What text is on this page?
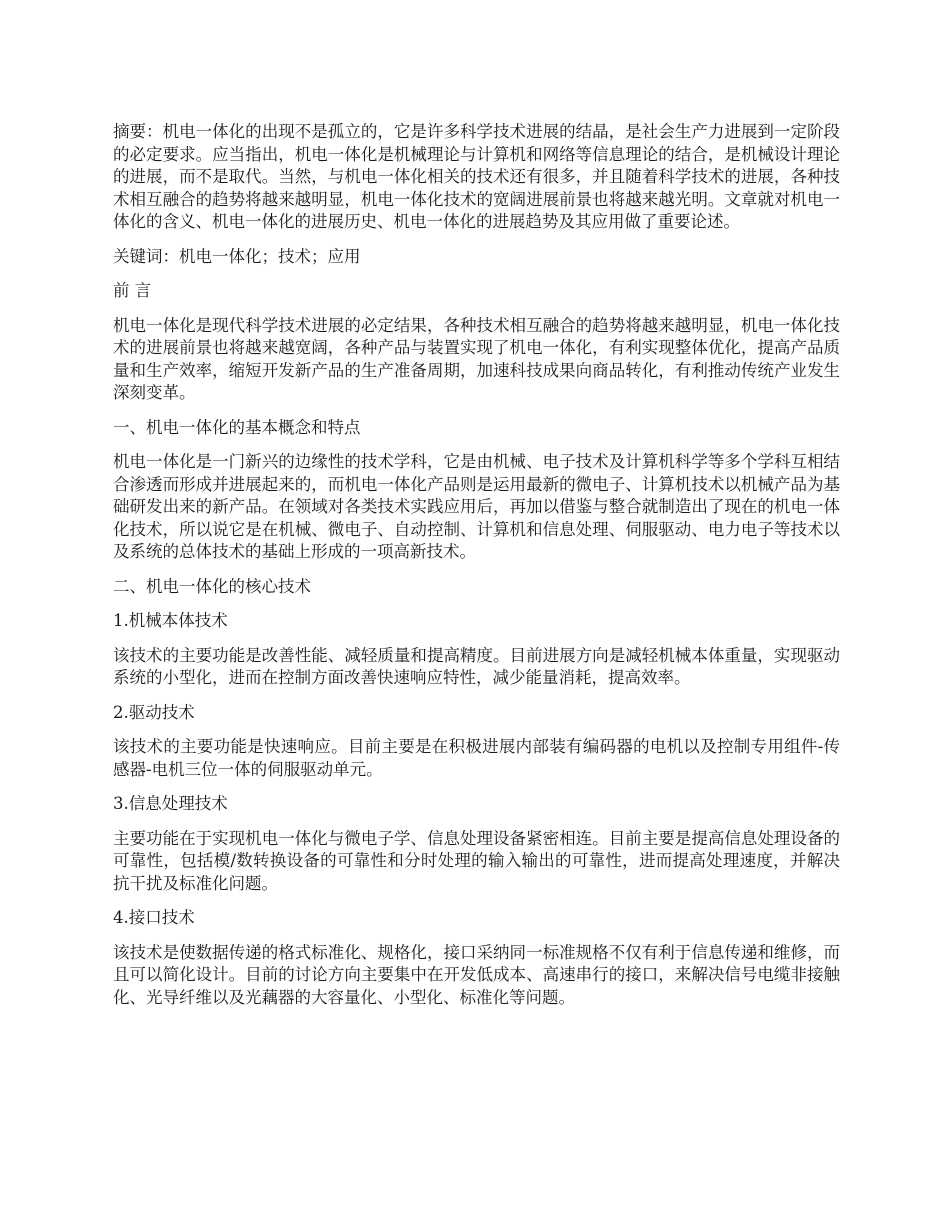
摘要：机电一体化的出现不是孤立的，它是许多科学技术进展的结晶，是社会生产力进展到一定阶段的必定要求。应当指出，机电一体化是机械理论与计算机和网络等信息理论的结合，是机械设计理论的进展，而不是取代。当然，与机电一体化相关的技术还有很多，并且随着科学技术的进展，各种技术相互融合的趋势将越来越明显，机电一体化技术的宽阔进展前景也将越来越光明。文章就对机电一体化的含义、机电一体化的进展历史、机电一体化的进展趋势及其应用做了重要论述。

关键词：机电一体化；技术；应用

前 言

机电一体化是现代科学技术进展的必定结果，各种技术相互融合的趋势将越来越明显，机电一体化技术的进展前景也将越来越宽阔，各种产品与装置实现了机电一体化，有利实现整体优化，提高产品质量和生产效率，缩短开发新产品的生产准备周期，加速科技成果向商品转化，有利推动传统产业发生深刻变革。

一、机电一体化的基本概念和特点

机电一体化是一门新兴的边缘性的技术学科，它是由机械、电子技术及计算机科学等多个学科互相结合渗透而形成并进展起来的，而机电一体化产品则是运用最新的微电子、计算机技术以机械产品为基础研发出来的新产品。在领域对各类技术实践应用后，再加以借鉴与整合就制造出了现在的机电一体化技术，所以说它是在机械、微电子、自动控制、计算机和信息处理、伺服驱动、电力电子等技术以及系统的总体技术的基础上形成的一项高新技术。

二、机电一体化的核心技术

1.机械本体技术

该技术的主要功能是改善性能、减轻质量和提高精度。目前进展方向是减轻机械本体重量，实现驱动系统的小型化，进而在控制方面改善快速响应特性，减少能量消耗，提高效率。

2.驱动技术

该技术的主要功能是快速响应。目前主要是在积极进展内部装有编码器的电机以及控制专用组件-传感器-电机三位一体的伺服驱动单元。

3.信息处理技术

主要功能在于实现机电一体化与微电子学、信息处理设备紧密相连。目前主要是提高信息处理设备的可靠性，包括模/数转换设备的可靠性和分时处理的输入输出的可靠性，进而提高处理速度，并解决抗干扰及标准化问题。

4.接口技术

该技术是使数据传递的格式标准化、规格化，接口采纳同一标准规格不仅有利于信息传递和维修，而且可以简化设计。目前的讨论方向主要集中在开发低成本、高速串行的接口，来解决信号电缆非接触化、光导纤维以及光藕器的大容量化、小型化、标准化等问题。
